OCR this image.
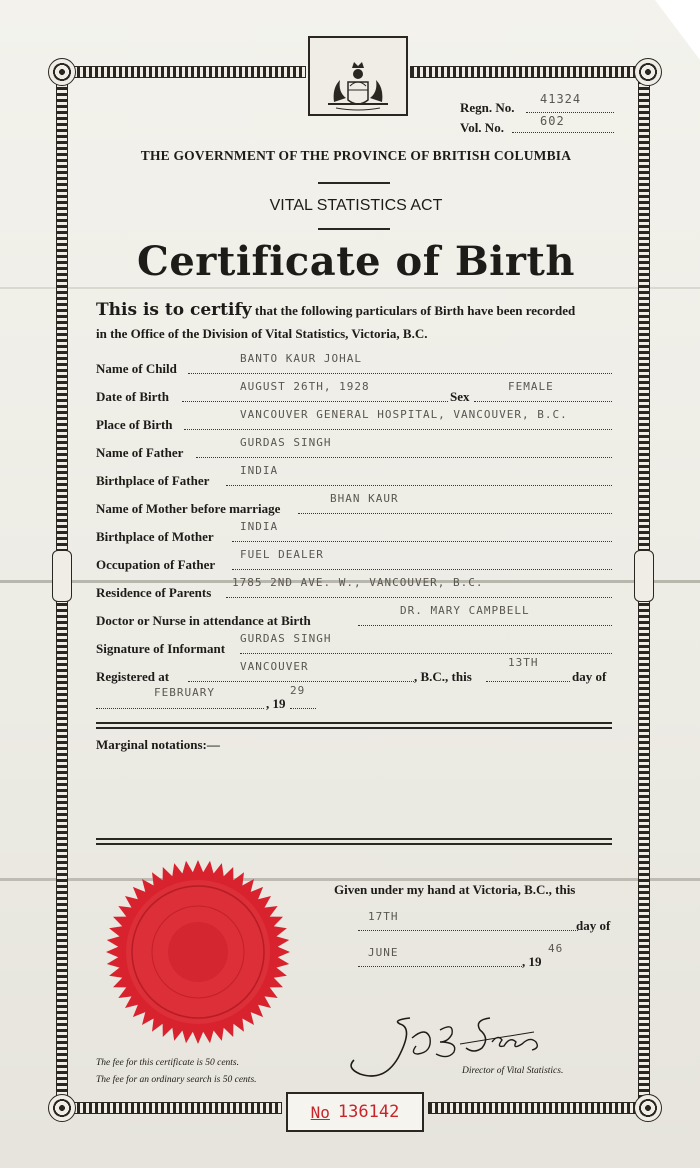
Regn. No.
41324
Vol. No.	602
THE GOVERNMENT OF THE PROVINCE OF BRITISH COLUMBIA
VITAL STATISTICS ACT
Certificate of Birth
This is to certify that the following particulars of Birth have been recorded
in the Office of the Division of Vital Statistics, Victoria, B.C.
Name of Child
BANTO KAUR JOHAL
Date of Birth
AUGUST 26TH, 1928
Sex
FEMALE
Place of Birth
VANCOUVER GENERAL HOSPITAL, VANCOUVER, B.C.
Name of Father
GURDAS SINGH
Birthplace of Father
INDIA
Name of Mother before marriage
BHAN KAUR
Birthplace of Mother
INDIA
Occupation of Father
FUEL DEALER
Residence of Parents
1785 2ND AVE. W., VANCOUVER, B.C.
Doctor or Nurse in attendance at Birth
DR. MARY CAMPBELL
Signature of Informant
GURDAS SINGH
Registered at
VANCOUVER
, B.C., this
13TH
day of
FEBRUARY
, 19
29
Marginal notations:—
Given under my hand at Victoria, B.C., this
17TH
day of
JUNE
, 19
46
Director of Vital Statistics.
The fee for this certificate is 50 cents.
The fee for an ordinary search is 50 cents.
No 136142
